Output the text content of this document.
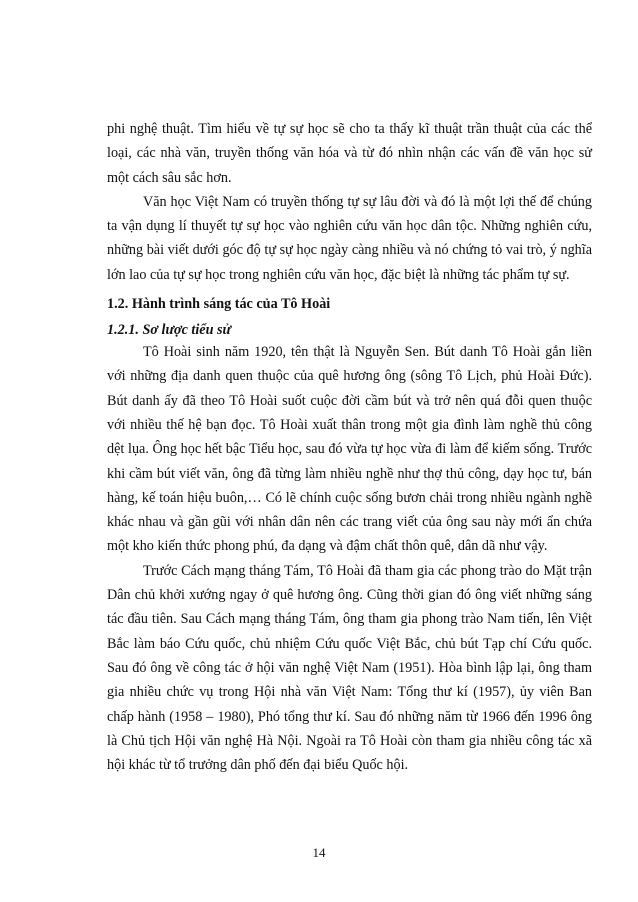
phi nghệ thuật. Tìm hiểu về tự sự học sẽ cho ta thấy kĩ thuật trần thuật của các thể loại, các nhà văn, truyền thống văn hóa và từ đó nhìn nhận các vấn đề văn học sử một cách sâu sắc hơn.

Văn học Việt Nam có truyền thống tự sự lâu đời và đó là một lợi thế để chúng ta vận dụng lí thuyết tự sự học vào nghiên cứu văn học dân tộc. Những nghiên cứu, những bài viết dưới góc độ tự sự học ngày càng nhiều và nó chứng tỏ vai trò, ý nghĩa lớn lao của tự sự học trong nghiên cứu văn học, đặc biệt là những tác phẩm tự sự.

1.2. Hành trình sáng tác của Tô Hoài
1.2.1. Sơ lược tiểu sử

Tô Hoài sinh năm 1920, tên thật là Nguyễn Sen. Bút danh Tô Hoài gắn liền với những địa danh quen thuộc của quê hương ông (sông Tô Lịch, phủ Hoài Đức). Bút danh ấy đã theo Tô Hoài suốt cuộc đời cầm bút và trở nên quá đỗi quen thuộc với nhiều thế hệ bạn đọc. Tô Hoài xuất thân trong một gia đình làm nghề thủ công dệt lụa. Ông học hết bậc Tiểu học, sau đó vừa tự học vừa đi làm để kiếm sống. Trước khi cầm bút viết văn, ông đã từng làm nhiều nghề như thợ thủ công, dạy học tư, bán hàng, kế toán hiệu buôn,… Có lẽ chính cuộc sống bươn chải trong nhiều ngành nghề khác nhau và gần gũi với nhân dân nên các trang viết của ông sau này mới ẩn chứa một kho kiến thức phong phú, đa dạng và đậm chất thôn quê, dân dã như vậy.

Trước Cách mạng tháng Tám, Tô Hoài đã tham gia các phong trào do Mặt trận Dân chủ khởi xướng ngay ở quê hương ông. Cũng thời gian đó ông viết những sáng tác đầu tiên. Sau Cách mạng tháng Tám, ông tham gia phong trào Nam tiến, lên Việt Bắc làm báo Cứu quốc, chủ nhiệm Cứu quốc Việt Bắc, chủ bút Tạp chí Cứu quốc. Sau đó ông về công tác ở hội văn nghệ Việt Nam (1951). Hòa bình lập lại, ông tham gia nhiều chức vụ trong Hội nhà văn Việt Nam: Tổng thư kí (1957), ủy viên Ban chấp hành (1958 – 1980), Phó tổng thư kí. Sau đó những năm từ 1966 đến 1996 ông là Chủ tịch Hội văn nghệ Hà Nội. Ngoài ra Tô Hoài còn tham gia nhiều công tác xã hội khác từ tổ trưởng dân phố đến đại biểu Quốc hội.

14
